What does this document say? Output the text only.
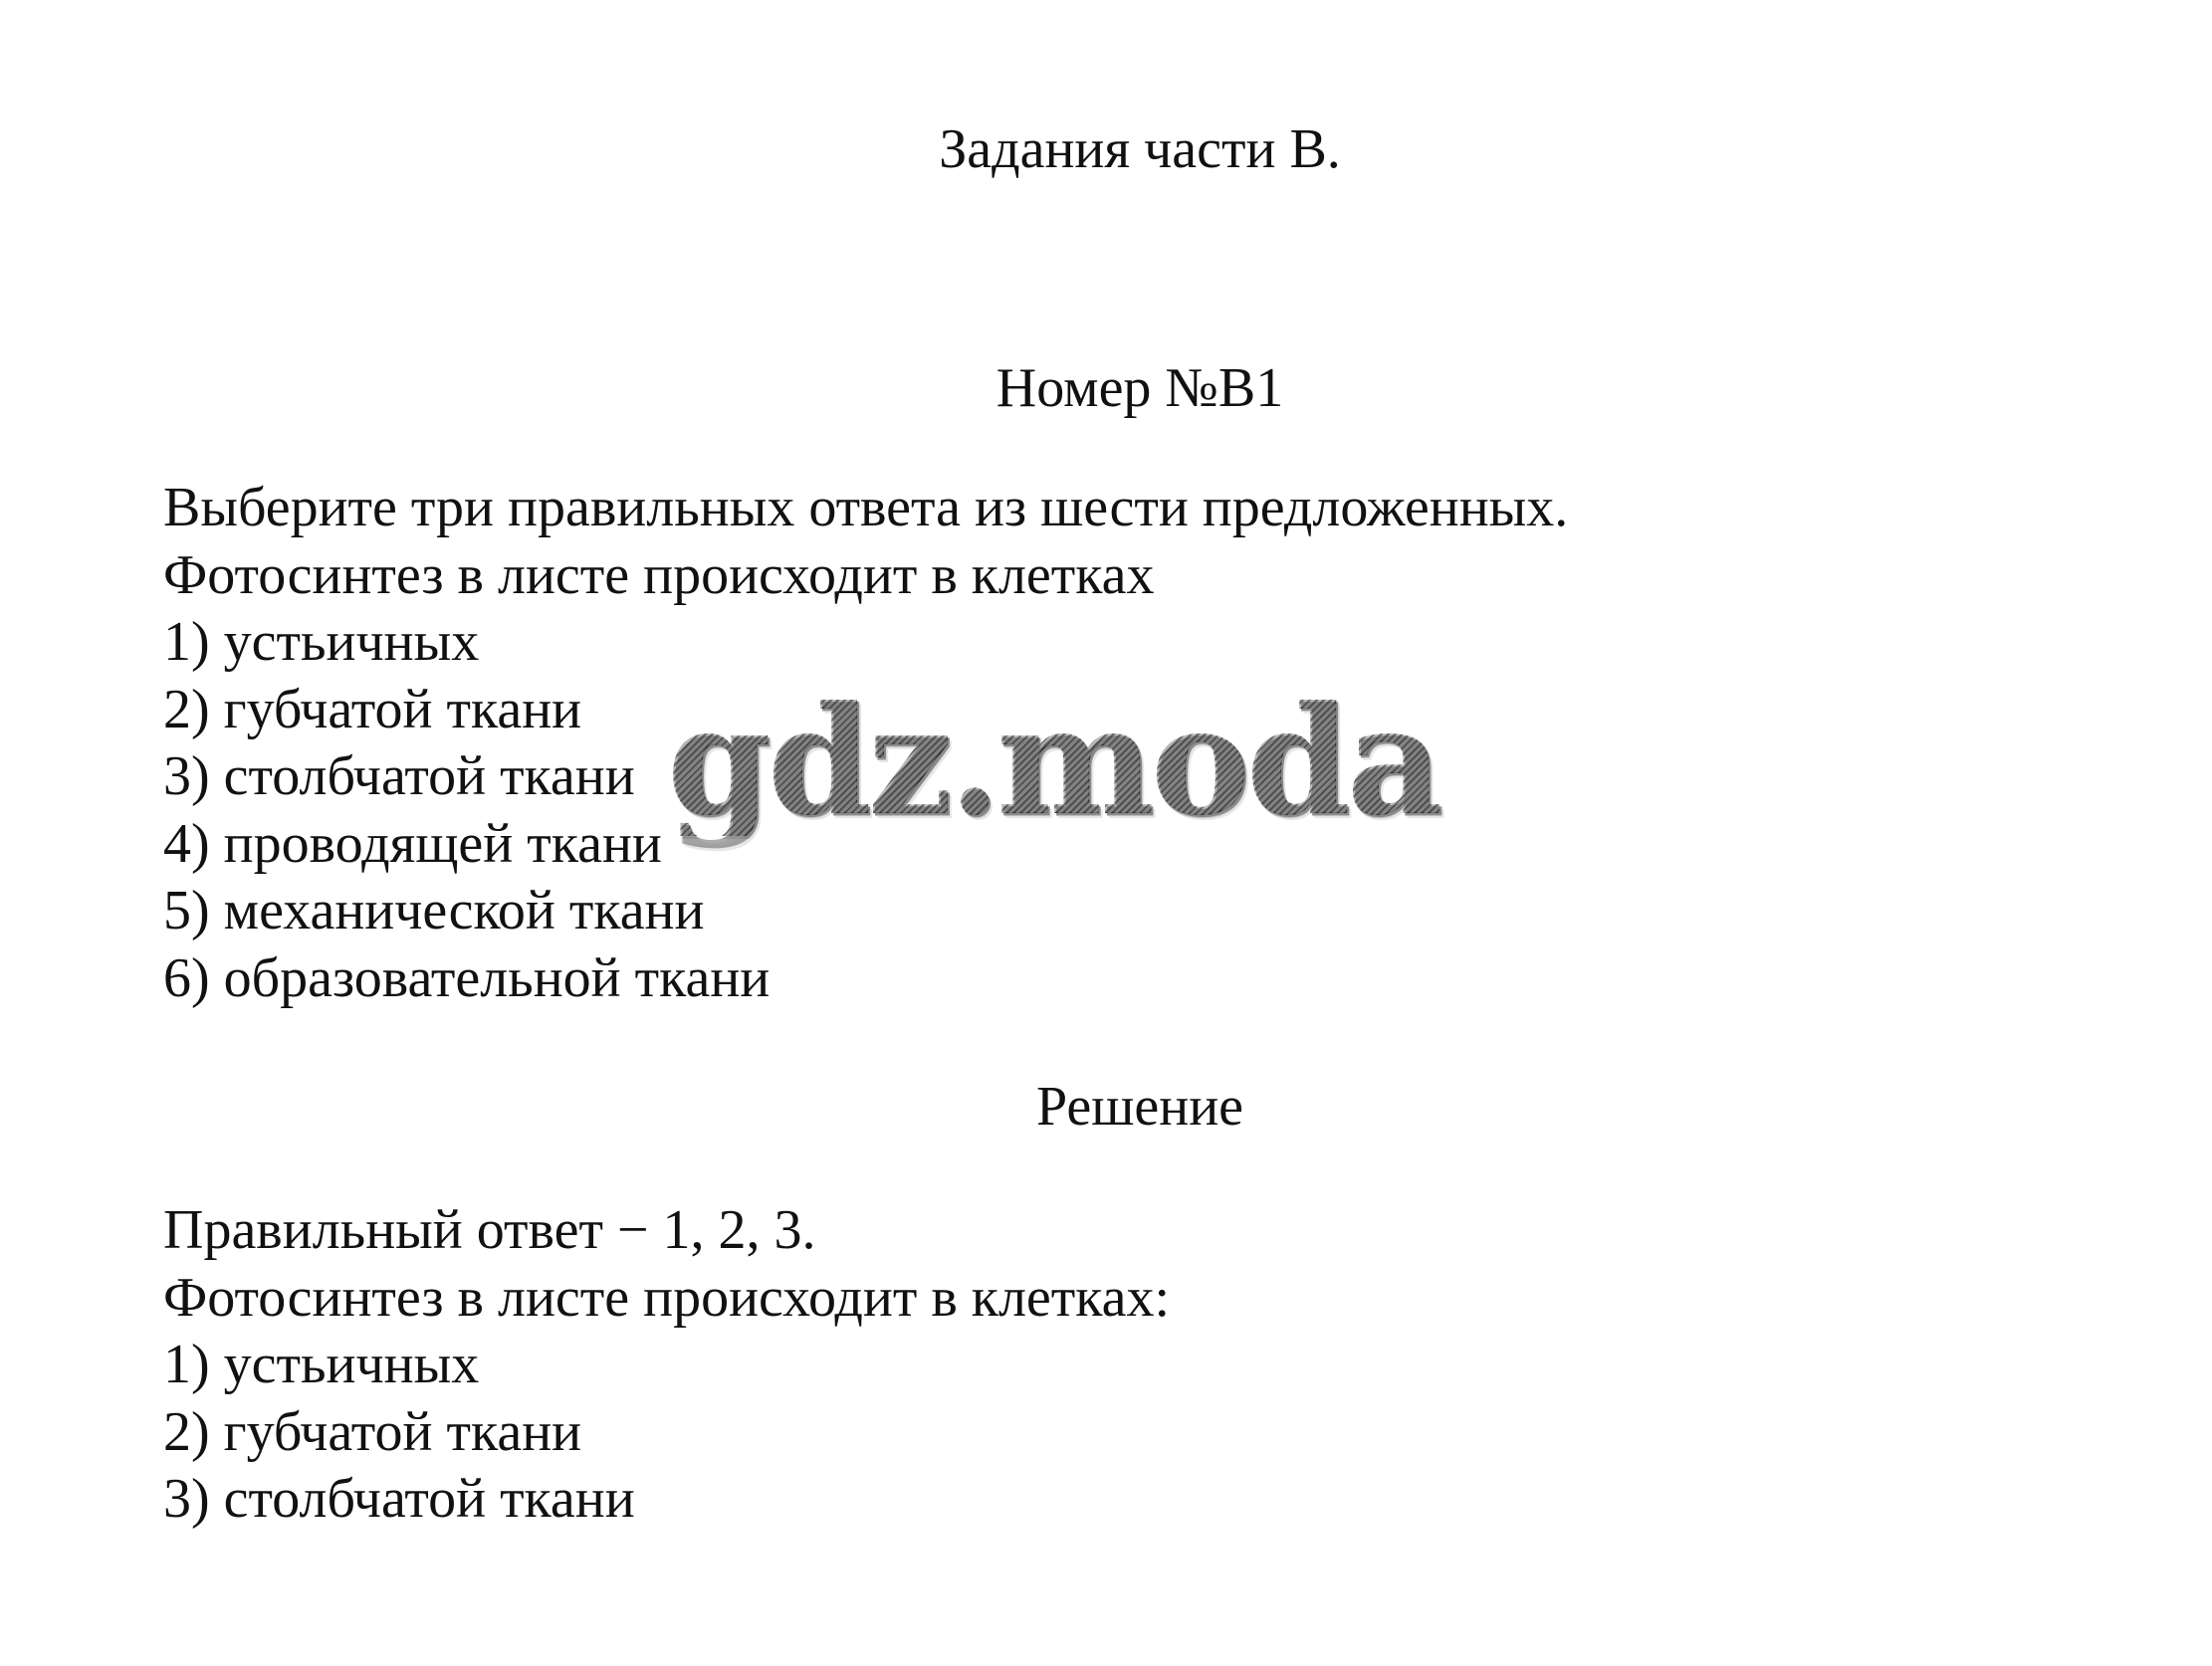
Задания части В.
Номер №В1
Выберите три правильных ответа из шести предложенных.
Фотосинтез в листе происходит в клетках
1) устьичных
2) губчатой ткани
3) столбчатой ткани
4) проводящей ткани
5) механической ткани
6) образовательной ткани
Решение
Правильный ответ − 1, 2, 3.
Фотосинтез в листе происходит в клетках:
1) устьичных
2) губчатой ткани
3) столбчатой ткани
gdz.moda
